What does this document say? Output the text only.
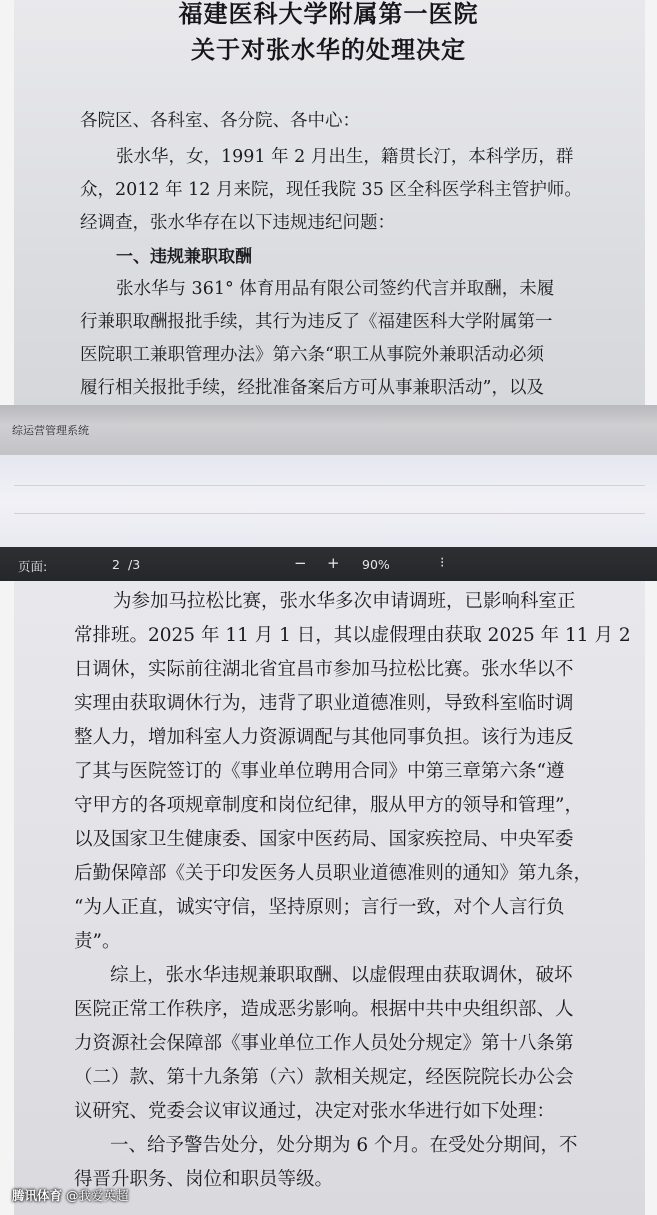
福建医科大学附属第一医院
关于对张水华的处理决定
各院区、各科室、各分院、各中心：
张水华，女，1991 年 2 月出生，籍贯长汀，本科学历，群
众，2012 年 12 月来院，现任我院 35 区全科医学科主管护师。
经调查，张水华存在以下违规违纪问题：
一、违规兼职取酬
张水华与 361° 体育用品有限公司签约代言并取酬，未履
行兼职取酬报批手续，其行为违反了《福建医科大学附属第一
医院职工兼职管理办法》第六条“职工从事院外兼职活动必须
履行相关报批手续，经批准备案后方可从事兼职活动”，以及
综运营管理系统
页面:	2 /3	− + 90%	⁝
为参加马拉松比赛，张水华多次申请调班，已影响科室正
常排班。2025 年 11 月 1 日，其以虚假理由获取 2025 年 11 月 2
日调休，实际前往湖北省宜昌市参加马拉松比赛。张水华以不
实理由获取调休行为，违背了职业道德准则，导致科室临时调
整人力，增加科室人力资源调配与其他同事负担。该行为违反
了其与医院签订的《事业单位聘用合同》中第三章第六条“遵
守甲方的各项规章制度和岗位纪律，服从甲方的领导和管理”，
以及国家卫生健康委、国家中医药局、国家疾控局、中央军委
后勤保障部《关于印发医务人员职业道德准则的通知》第九条，
“为人正直，诚实守信，坚持原则；言行一致，对个人言行负
责”。
综上，张水华违规兼职取酬、以虚假理由获取调休，破坏
医院正常工作秩序，造成恶劣影响。根据中共中央组织部、人
力资源社会保障部《事业单位工作人员处分规定》第十八条第
（二）款、第十九条第（六）款相关规定，经医院院长办公会
议研究、党委会议审议通过，决定对张水华进行如下处理：
一、给予警告处分，处分期为 6 个月。在受处分期间，不
得晋升职务、岗位和职员等级。
腾讯体育 @我爱英超
